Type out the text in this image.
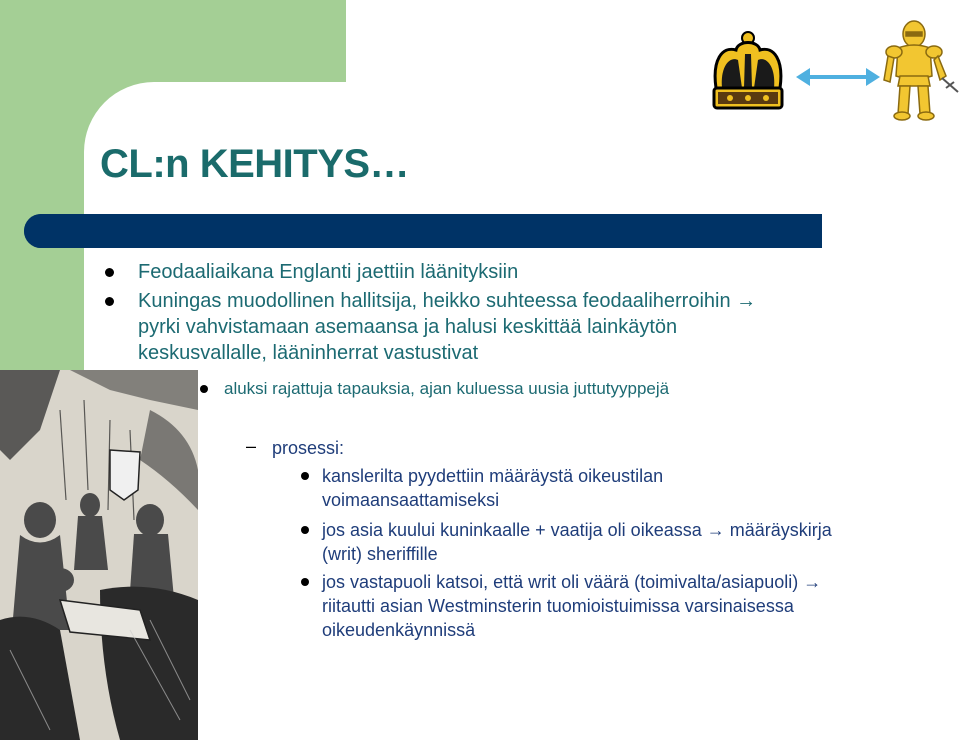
CL:n KEHITYS…
Feodaaliaikana Englanti jaettiin läänityksiin
Kuningas muodollinen hallitsija, heikko suhteessa feodaaliherroihin →
pyrki vahvistamaan asemaansa ja halusi keskittää lainkäytön
keskusvallalle, lääninherrat vastustivat
aluksi rajattuja tapauksia, ajan kuluessa uusia juttutyyppejä
– prosessi:
kanslerilta pyydettiin määräystä oikeustilan
voimaansaattamiseksi
jos asia kuului kuninkaalle + vaatija oli oikeassa → määräyskirja
(writ) sheriffille
jos vastapuoli katsoi, että writ oli väärä (toimivalta/asiapuoli) →
riitautti asian Westminsterin tuomioistuimissa varsinaisessa
oikeudenkäynnissä
